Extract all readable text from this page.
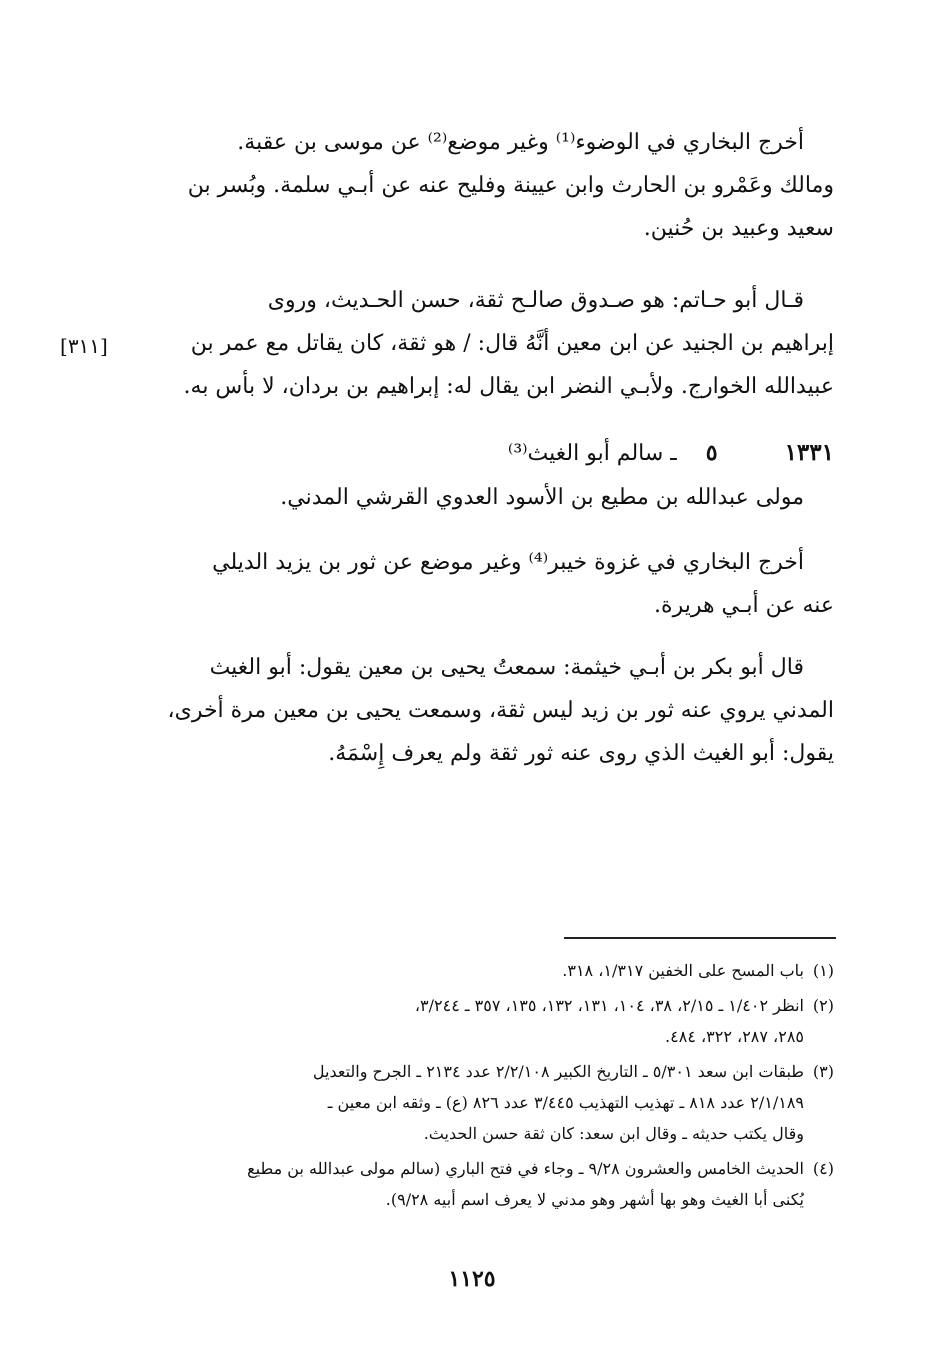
أخرج البخاري في الوضوء⁽¹⁾ وغير موضع⁽²⁾ عن موسى بن عقبة.
ومالك وعَمْرو بن الحارث وابن عيينة وفليح عنه عن أبـي سلمة. وبُسر بن
سعيد وعبيد بن حُنين.
قـال أبو حـاتم: هو صـدوق صالـح ثقة، حسن الحـديث، وروى
إبراهيم بن الجنيد عن ابن معين أنَّهُ قال: / هو ثقة، كان يقاتل مع عمر بن
عبيدالله الخوارج. ولأبـي النضر ابن يقال له: إبراهيم بن بردان، لا بأس به.
[٣١١]
١٣٣١ ٥ ـ سالم أبو الغيث⁽³⁾
مولى عبدالله بن مطيع بن الأسود العدوي القرشي المدني.
أخرج البخاري في غزوة خيبر⁽⁴⁾ وغير موضع عن ثور بن يزيد الديلي
عنه عن أبـي هريرة.
قال أبو بكر بن أبـي خيثمة: سمعتُ يحيى بن معين يقول: أبو الغيث
المدني يروي عنه ثور بن زيد ليس ثقة، وسمعت يحيى بن معين مرة أخرى،
يقول: أبو الغيث الذي روى عنه ثور ثقة ولم يعرف إِسْمَهُ.
(١)
باب المسح على الخفين ١/٣١٧، ٣١٨.
(٢)
انظر ١/٤٠٢ ـ ٢/١٥، ٣٨، ١٠٤، ١٣١، ١٣٢، ١٣٥، ٣٥٧ ـ ٣/٢٤٤،
٢٨٥، ٢٨٧، ٣٢٢، ٤٨٤.
(٣)
طبقات ابن سعد ٥/٣٠١ ـ التاريخ الكبير ٢/٢/١٠٨ عدد ٢١٣٤ ـ الجرح والتعديل
٢/١/١٨٩ عدد ٨١٨ ـ تهذيب التهذيب ٣/٤٤٥ عدد ٨٢٦ (ع) ـ وثقه ابن معين ـ
وقال يكتب حديثه ـ وقال ابن سعد: كان ثقة حسن الحديث.
(٤)
الحديث الخامس والعشرون ٩/٢٨ ـ وجاء في فتح الباري (سالم مولى عبدالله بن مطيع
يُكنى أبا الغيث وهو بها أشهر وهو مدني لا يعرف اسم أبيه ٩/٢٨).
١١٢٥
